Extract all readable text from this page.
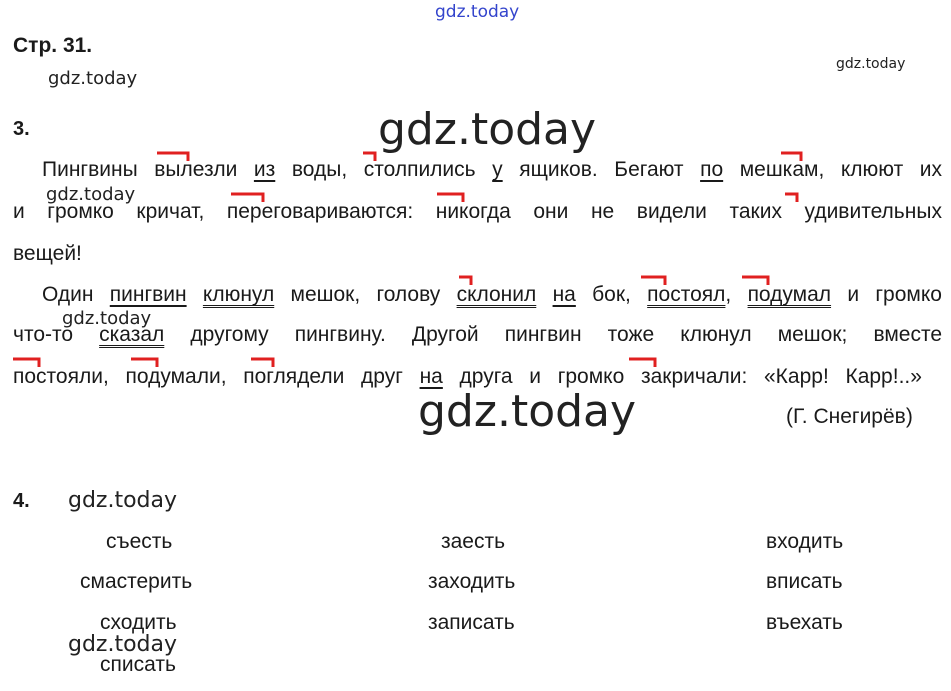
gdz.today
gdz.today
gdz.today
gdz.today
gdz.today
gdz.today
gdz.today
gdz.today
gdz.today
Стр. 31.
3.
Пингвины вылезли из воды, столпились у ящиков. Бегают по мешкам, клюют их
и громко кричат, переговариваются: никогда они не видели таких удивительных
вещей!
Один пингвин клюнул мешок, голову склонил на бок, постоял, подумал и громко
что-то сказал другому пингвину. Другой пингвин тоже клюнул мешок; вместе
постояли, подумали, поглядели друг на друга и громко закричали: «Карр! Карр!..»
(Г. Снегирёв)
4.
съесть
смастерить
сходить
списать
заесть
заходить
записать
входить
вписать
въехать
